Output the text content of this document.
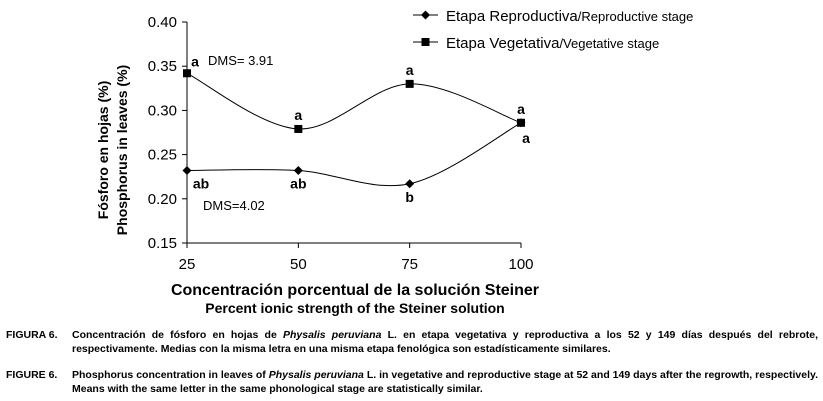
0.40
0.35
0.30
0.25
0.20
0.15
25	50	75	100
Fósforo en hojas (%) Phosphorus in leaves (%)
Concentración porcentual de la solución Steiner
Percent ionic strength of the Steiner solution
ab	ab
b
a
a
a
a
a
DMS= 3.91
DMS=4.02
Etapa Reproductiva/Reproductive stage
Etapa Vegetativa/Vegetative stage
FIGURA 6. Concentración de fósforo en hojas de Physalis peruviana L. en etapa vegetativa y reproductiva a los 52 y 149 días después del rebrote, respectivamente. Medias con la misma letra en una misma etapa fenológica son estadísticamente similares.
FIGURE 6. Phosphorus concentration in leaves of Physalis peruviana L. in vegetative and reproductive stage at 52 and 149 days after the regrowth, respectively. Means with the same letter in the same phonological stage are statistically similar.
